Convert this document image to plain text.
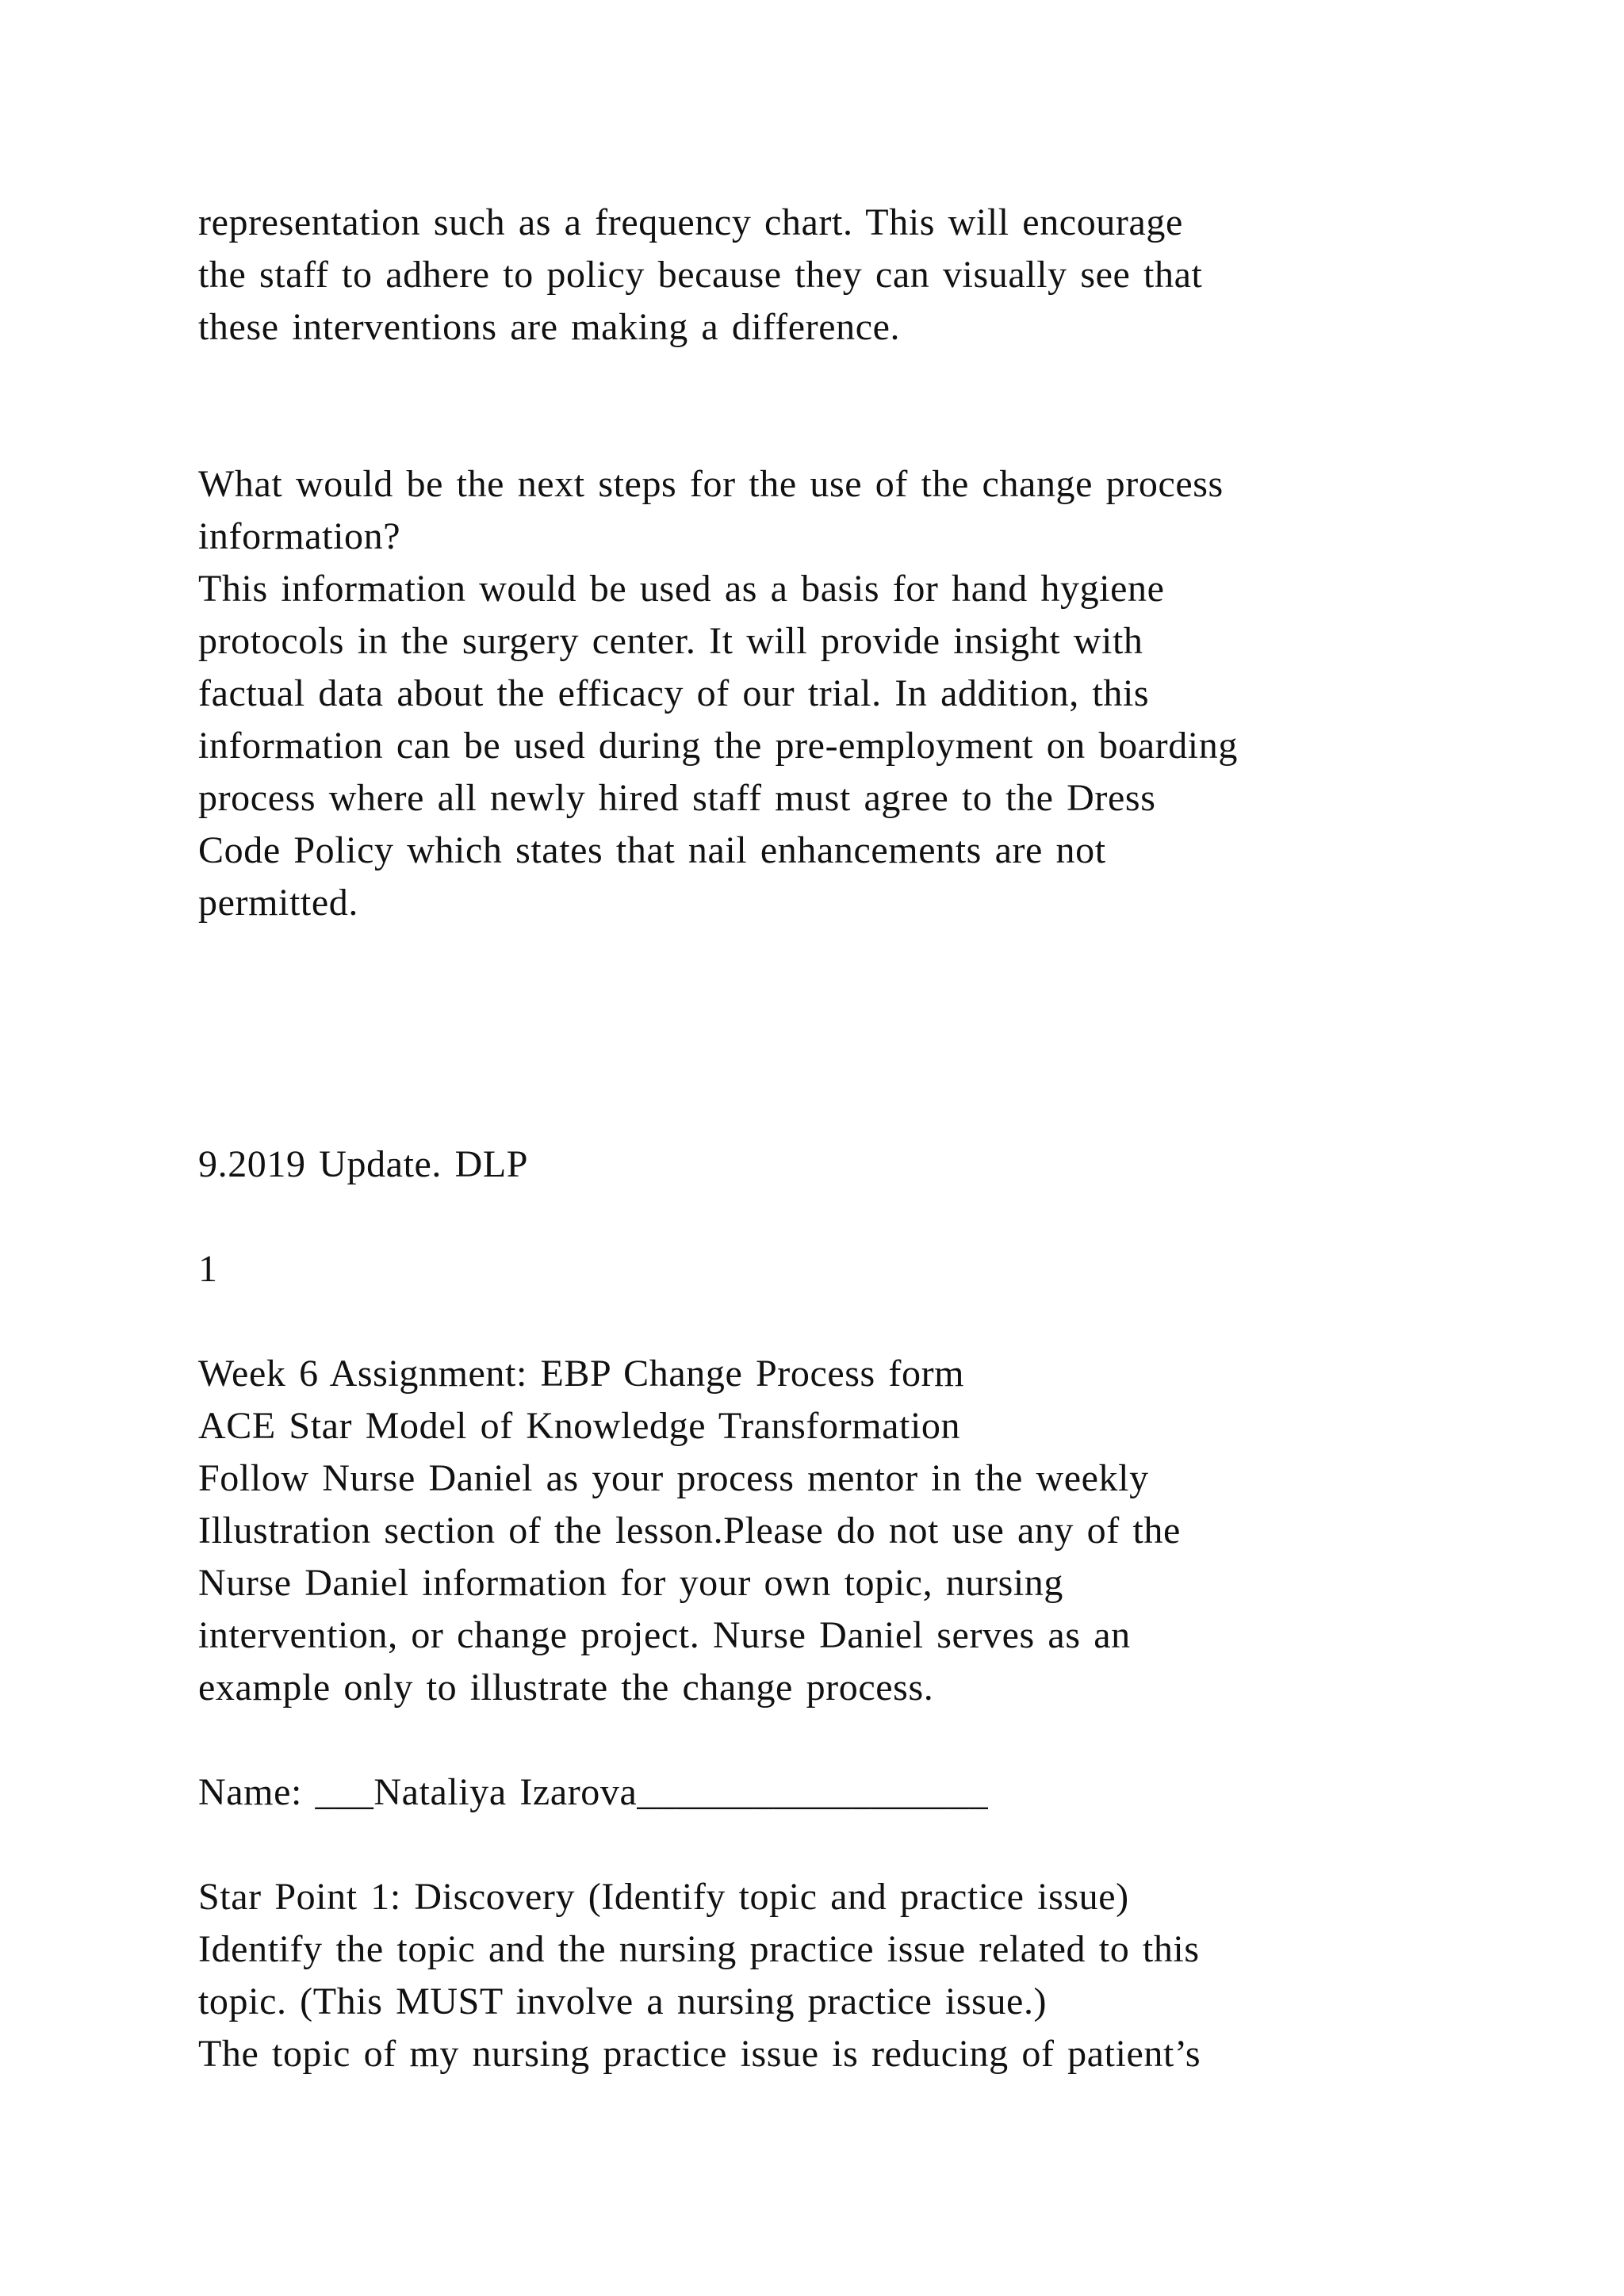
representation such as a frequency chart. This will encourage
the staff to adhere to policy because they can visually see that
these interventions are making a difference.
What would be the next steps for the use of the change process
information?
This information would be used as a basis for hand hygiene
protocols in the surgery center. It will provide insight with
factual data about the efficacy of our trial. In addition, this
information can be used during the pre-employment on boarding
process where all newly hired staff must agree to the Dress
Code Policy which states that nail enhancements are not
permitted.
9.2019 Update. DLP
1
Week 6 Assignment: EBP Change Process form
ACE Star Model of Knowledge Transformation
Follow Nurse Daniel as your process mentor in the weekly
Illustration section of the lesson.Please do not use any of the
Nurse Daniel information for your own topic, nursing
intervention, or change project. Nurse Daniel serves as an
example only to illustrate the change process.
Name: ___Nataliya Izarova__________________
Star Point 1: Discovery (Identify topic and practice issue)
Identify the topic and the nursing practice issue related to this
topic. (This MUST involve a nursing practice issue.)
The topic of my nursing practice issue is reducing of patient’s
